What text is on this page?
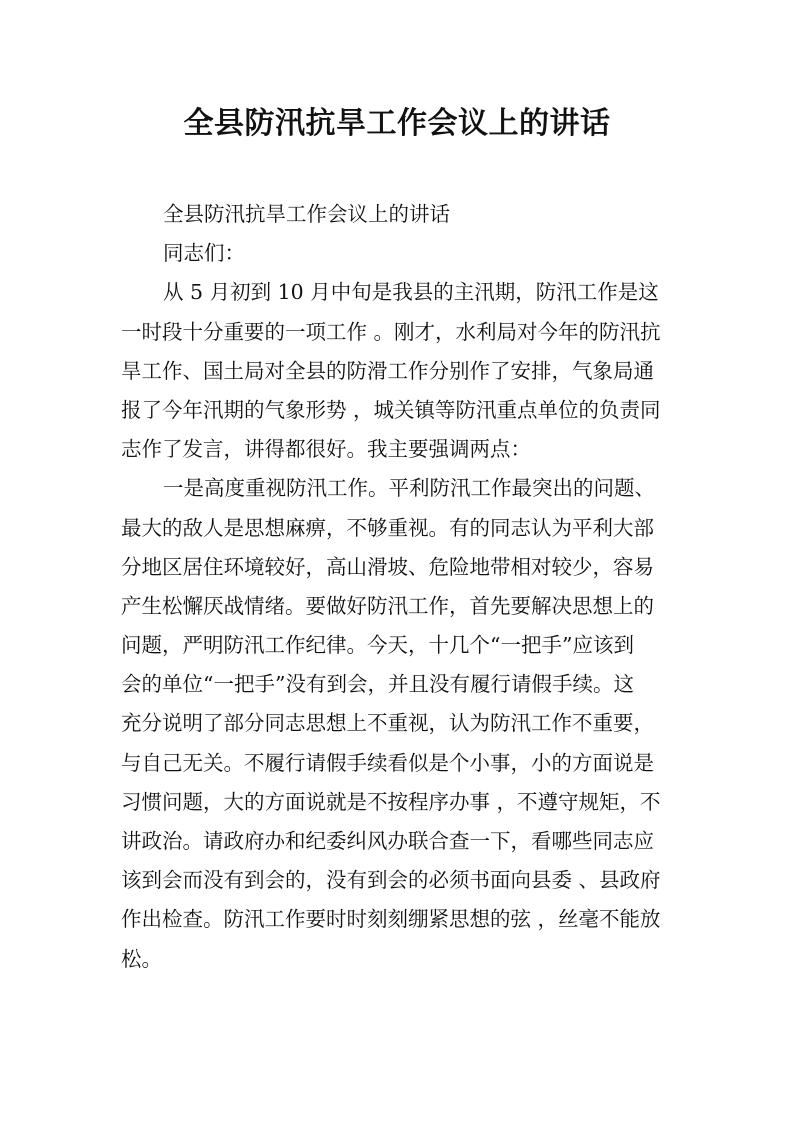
全县防汛抗旱工作会议上的讲话
全县防汛抗旱工作会议上的讲话
同志们：
从 5 月初到 10 月中旬是我县的主汛期，防汛工作是这
一时段十分重要的一项工作 。刚才，水利局对今年的防汛抗
旱工作、国土局对全县的防滑工作分别作了安排，气象局通
报了今年汛期的气象形势 ，城关镇等防汛重点单位的负责同
志作了发言，讲得都很好。我主要强调两点：
一是高度重视防汛工作。平利防汛工作最突出的问题、
最大的敌人是思想麻痹，不够重视。有的同志认为平利大部
分地区居住环境较好，高山滑坡、危险地带相对较少，容易
产生松懈厌战情绪。要做好防汛工作，首先要解决思想上的
问题，严明防汛工作纪律。今天，十几个“一把手”应该到
会的单位“一把手”没有到会，并且没有履行请假手续。这
充分说明了部分同志思想上不重视，认为防汛工作不重要，
与自己无关。不履行请假手续看似是个小事，小的方面说是
习惯问题，大的方面说就是不按程序办事 ，不遵守规矩，不
讲政治。请政府办和纪委纠风办联合查一下，看哪些同志应
该到会而没有到会的，没有到会的必须书面向县委 、县政府
作出检查。防汛工作要时时刻刻绷紧思想的弦 ，丝毫不能放
松。
